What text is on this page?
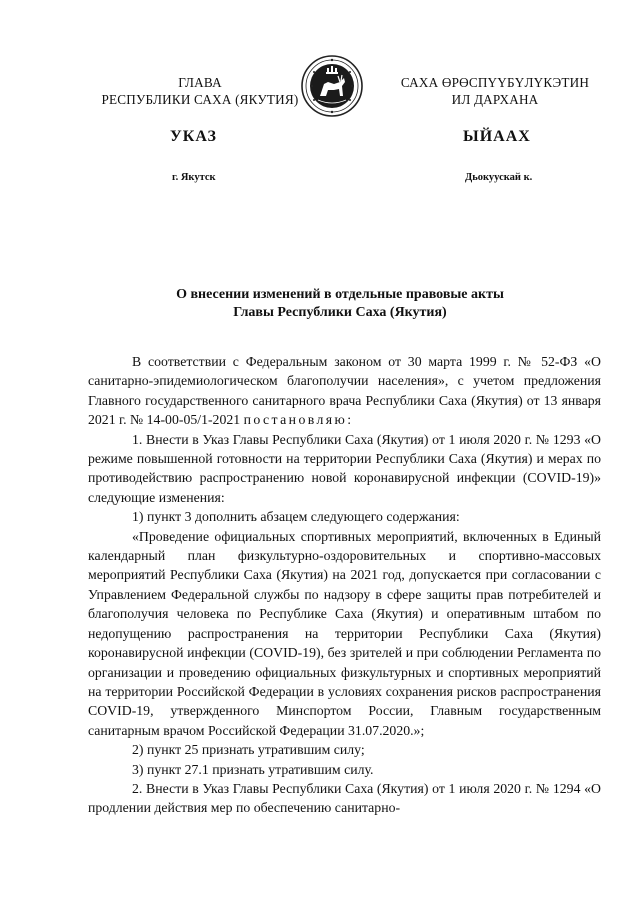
ГЛАВА
РЕСПУБЛИКИ САХА (ЯКУТИЯ)
САХА ӨРӨСПҮҮБҮЛҮКЭТИН
ИЛ ДАРХАНА
УКАЗ	ЫЙААХ
г. Якутск	Дьокуускай к.
О внесении изменений в отдельные правовые акты
Главы Республики Саха (Якутия)

В соответствии с Федеральным законом от 30 марта 1999 г. № 52-ФЗ «О санитарно-эпидемиологическом благополучии населения», с учетом предложения Главного государственного санитарного врача Республики Саха (Якутия) от 13 января 2021 г. № 14-00-05/1-2021 постановляю:

1. Внести в Указ Главы Республики Саха (Якутия) от 1 июля 2020 г. № 1293 «О режиме повышенной готовности на территории Республики Саха (Якутия) и мерах по противодействию распространению новой коронавирусной инфекции (COVID-19)» следующие изменения:

1) пункт 3 дополнить абзацем следующего содержания:

«Проведение официальных спортивных мероприятий, включенных в Единый календарный план физкультурно-оздоровительных и спортивно-массовых мероприятий Республики Саха (Якутия) на 2021 год, допускается при согласовании с Управлением Федеральной службы по надзору в сфере защиты прав потребителей и благополучия человека по Республике Саха (Якутия) и оперативным штабом по недопущению распространения на территории Республики Саха (Якутия) коронавирусной инфекции (COVID-19), без зрителей и при соблюдении Регламента по организации и проведению официальных физкультурных и спортивных мероприятий на территории Российской Федерации в условиях сохранения рисков распространения COVID-19, утвержденного Минспортом России, Главным государственным санитарным врачом Российской Федерации 31.07.2020.»;

2) пункт 25 признать утратившим силу;

3) пункт 27.1 признать утратившим силу.

2. Внести в Указ Главы Республики Саха (Якутия) от 1 июля 2020 г. № 1294 «О продлении действия мер по обеспечению санитарно-
